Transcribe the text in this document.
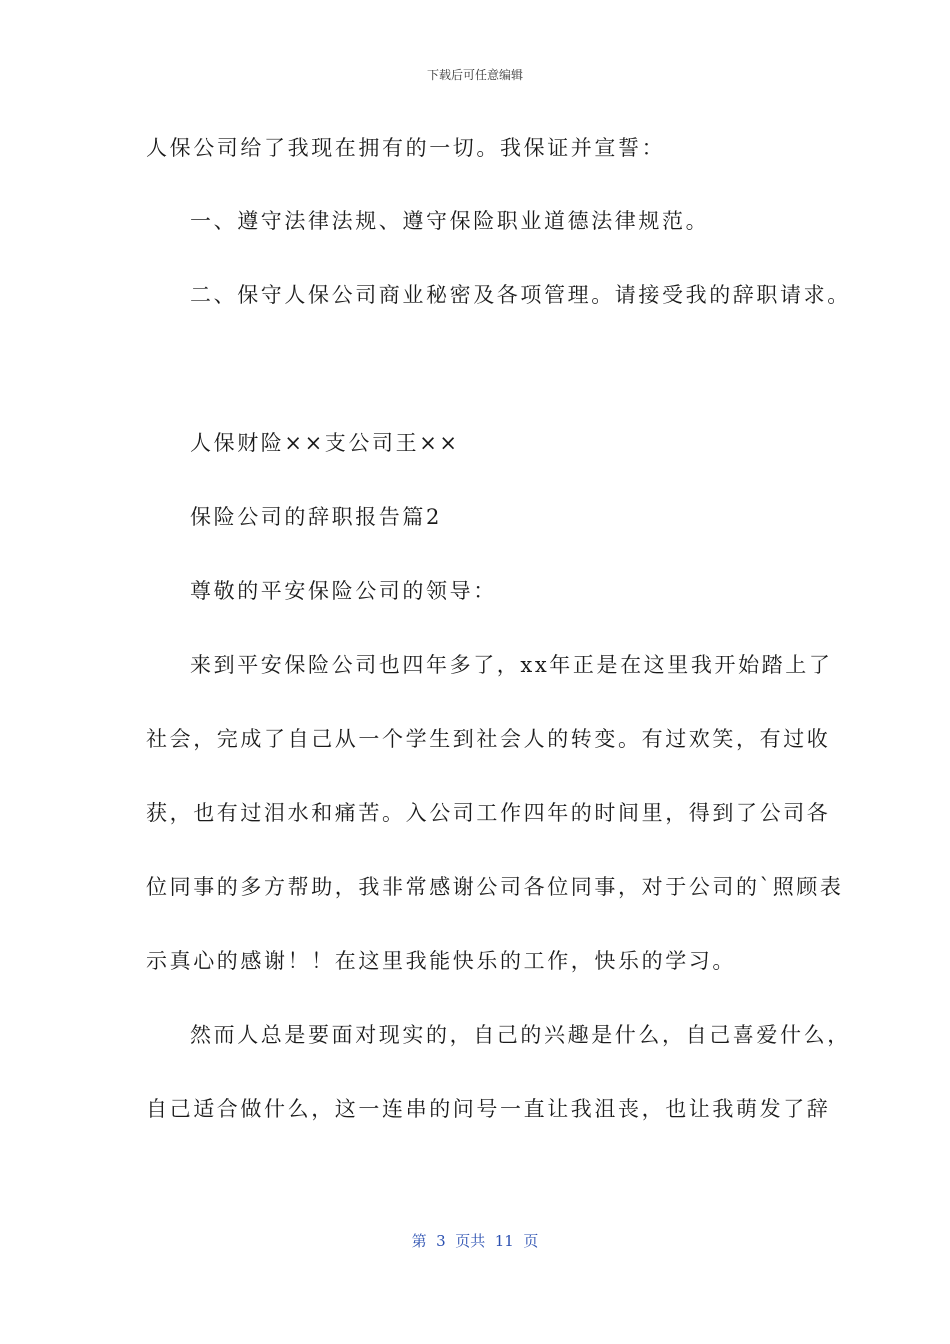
下载后可任意编辑
人保公司给了我现在拥有的一切。我保证并宣誓：
一、遵守法律法规、遵守保险职业道德法律规范。
二、保守人保公司商业秘密及各项管理。请接受我的辞职请求。
人保财险××支公司王××
保险公司的辞职报告篇2
尊敬的平安保险公司的领导：
来到平安保险公司也四年多了，xx年正是在这里我开始踏上了
社会，完成了自己从一个学生到社会人的转变。有过欢笑，有过收
获，也有过泪水和痛苦。入公司工作四年的时间里，得到了公司各
位同事的多方帮助，我非常感谢公司各位同事，对于公司的`照顾表
示真心的感谢！！在这里我能快乐的工作，快乐的学习。
然而人总是要面对现实的，自己的兴趣是什么，自己喜爱什么，
自己适合做什么，这一连串的问号一直让我沮丧，也让我萌发了辞
第  3  页共  11  页
